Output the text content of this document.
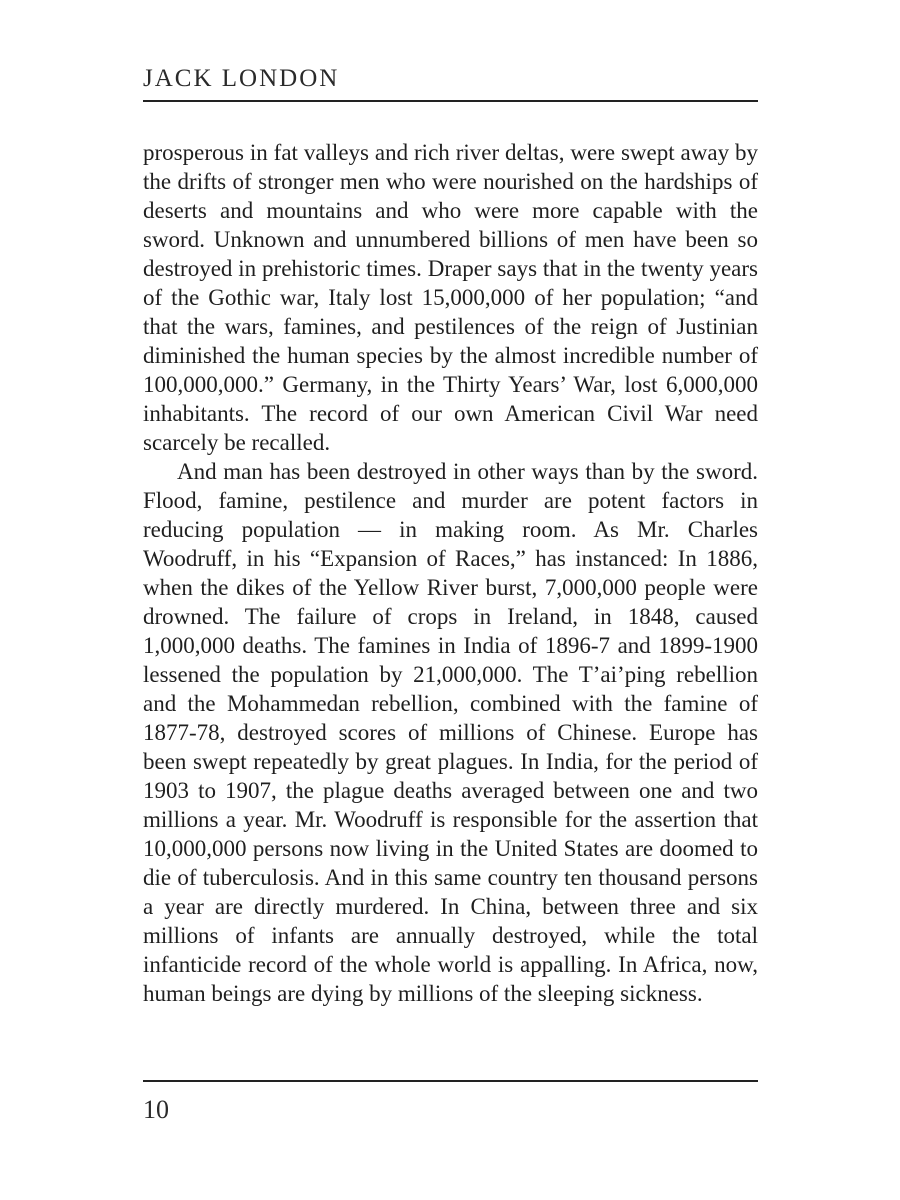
JACK LONDON

prosperous in fat valleys and rich river deltas, were swept away by the drifts of stronger men who were nourished on the hardships of deserts and mountains and who were more capable with the sword. Unknown and unnumbered billions of men have been so destroyed in prehistoric times. Draper says that in the twenty years of the Gothic war, Italy lost 15,000,000 of her population; “and that the wars, famines, and pestilences of the reign of Justinian diminished the human species by the almost incredible number of 100,000,000.” Germany, in the Thirty Years’ War, lost 6,000,000 inhabitants. The record of our own American Civil War need scarcely be recalled.

And man has been destroyed in other ways than by the sword. Flood, famine, pestilence and murder are potent factors in reducing population — in making room. As Mr. Charles Woodruff, in his “Expansion of Races,” has instanced: In 1886, when the dikes of the Yellow River burst, 7,000,000 people were drowned. The failure of crops in Ireland, in 1848, caused 1,000,000 deaths. The famines in India of 1896-7 and 1899-1900 lessened the population by 21,000,000. The T’ai’ping rebellion and the Mohammedan rebellion, combined with the famine of 1877-78, destroyed scores of millions of Chinese. Europe has been swept repeatedly by great plagues. In India, for the period of 1903 to 1907, the plague deaths averaged between one and two millions a year. Mr. Woodruff is responsible for the assertion that 10,000,000 persons now living in the United States are doomed to die of tuberculosis. And in this same country ten thousand persons a year are directly murdered. In China, between three and six millions of infants are annually destroyed, while the total infanticide record of the whole world is appalling. In Africa, now, human beings are dying by millions of the sleeping sickness.

10
